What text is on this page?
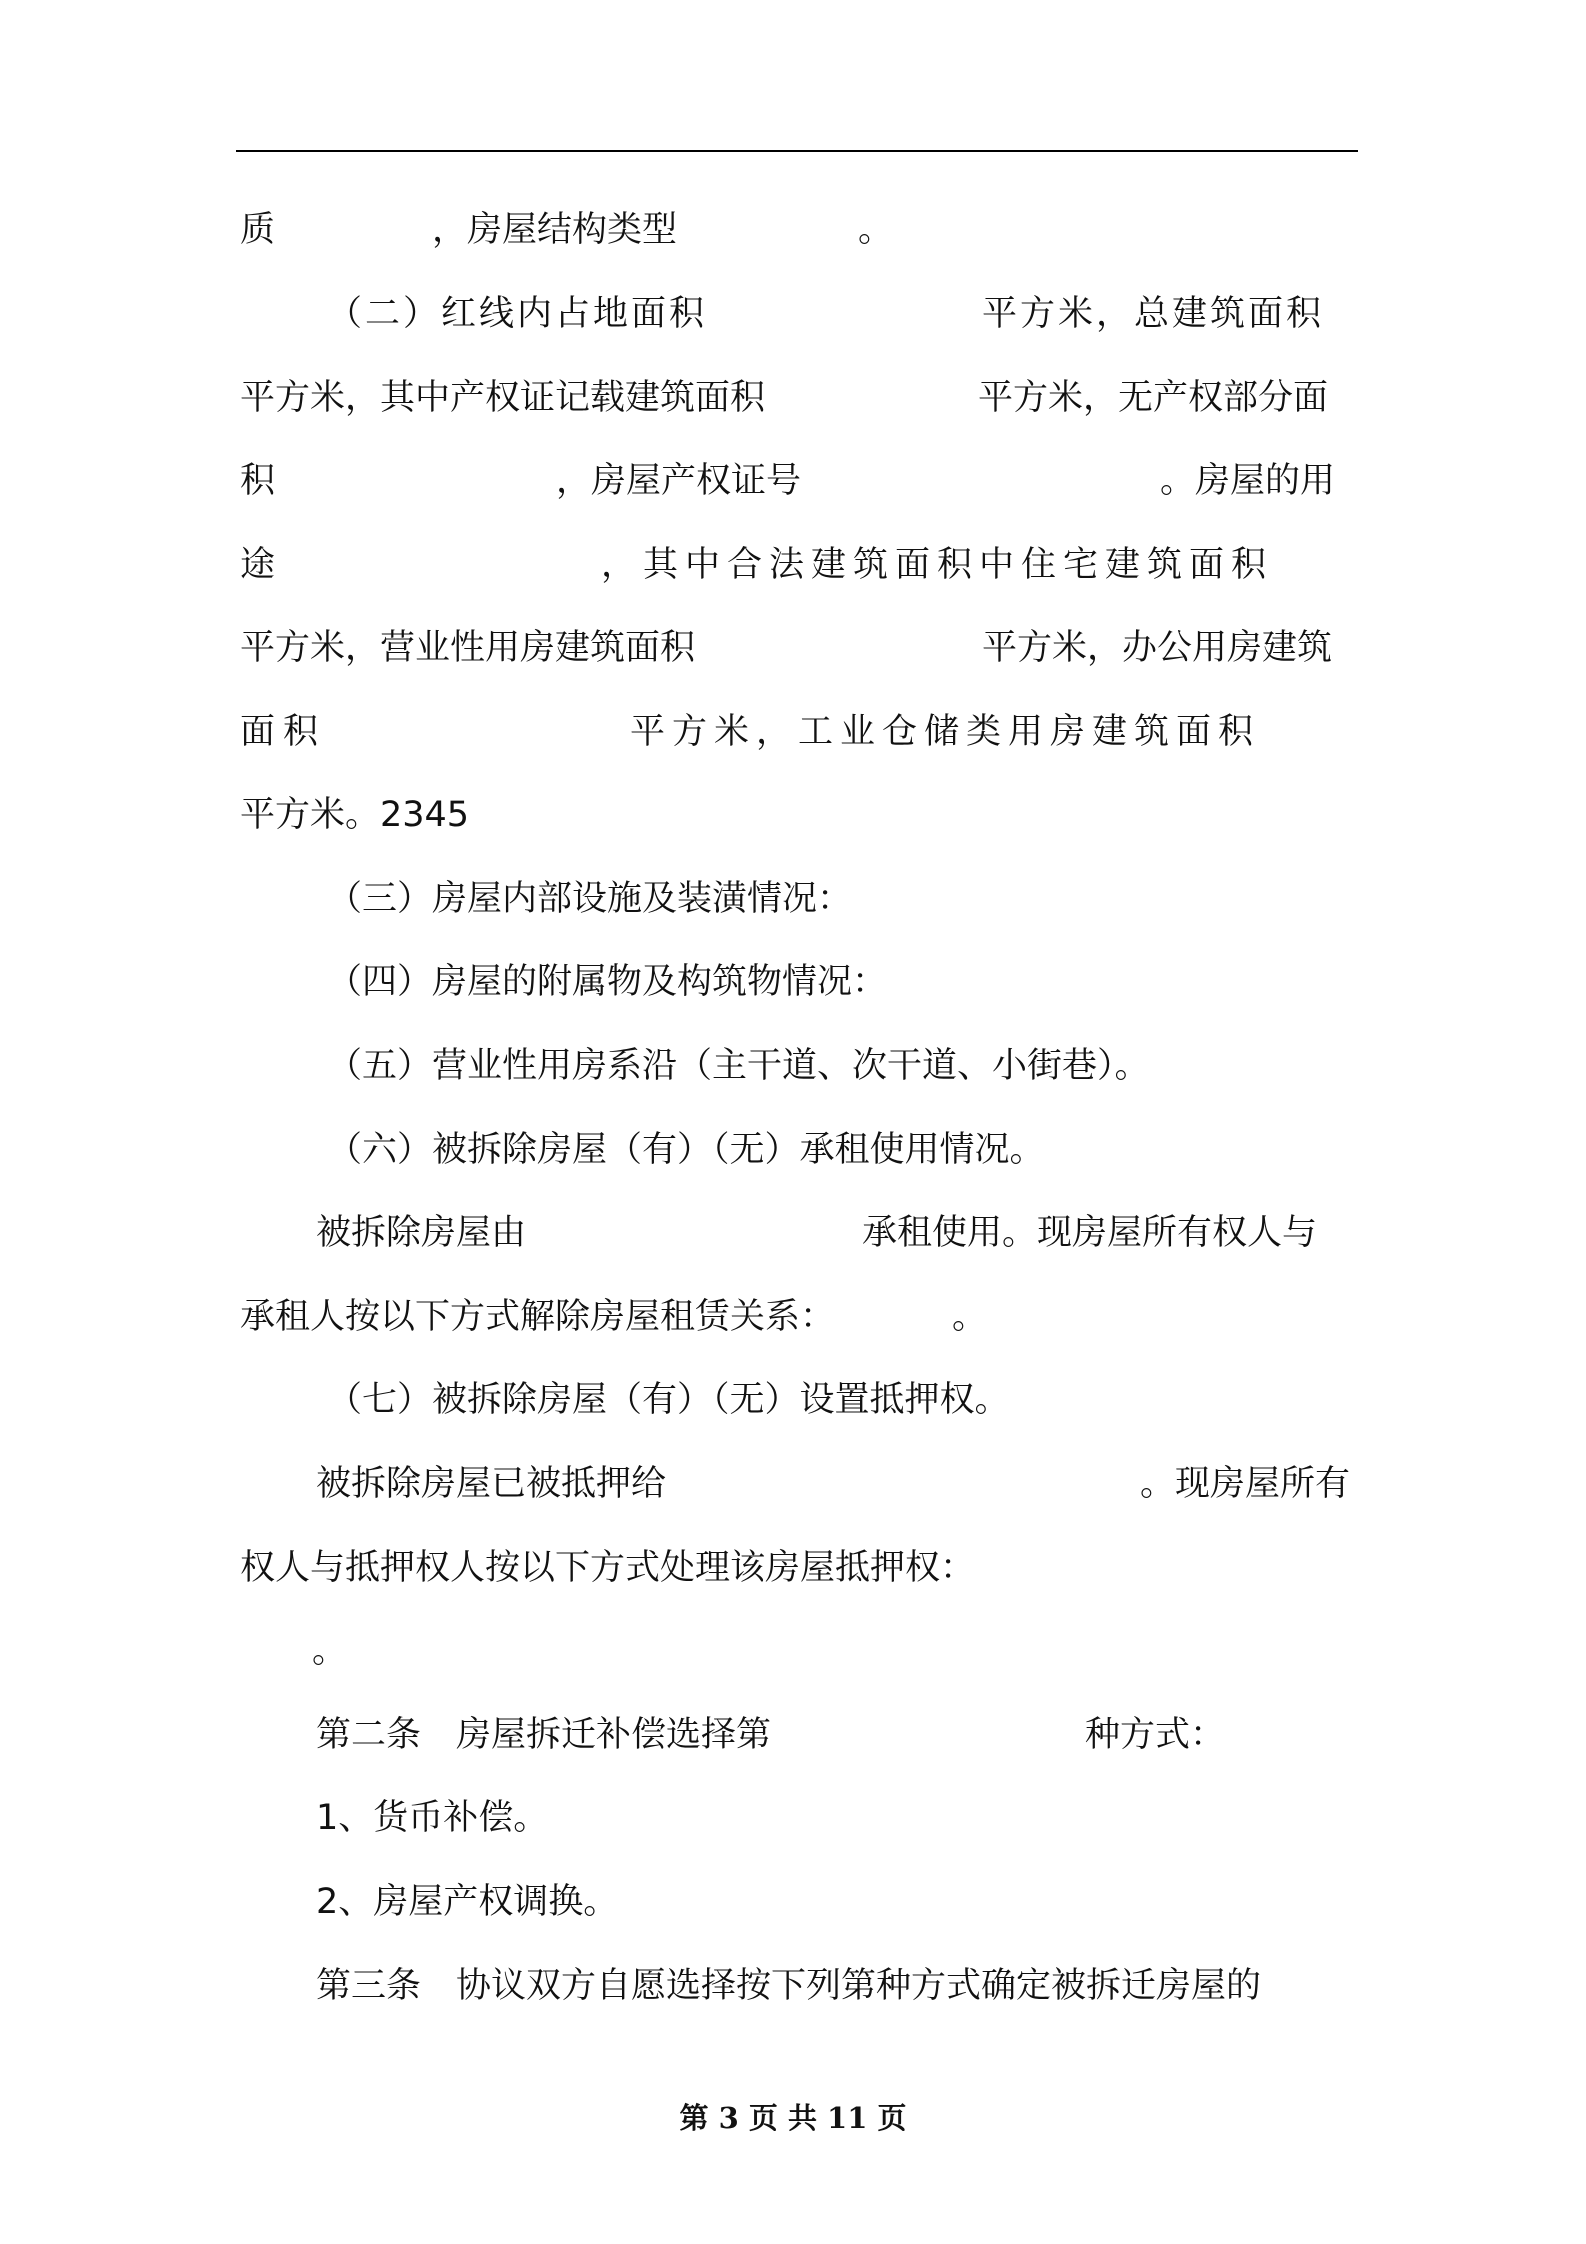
质	，房屋结构类型	。
（二）红线内占地面积	平方米，总建筑面积
平方米，其中产权证记载建筑面积	平方米，无产权部分面
积	，房屋产权证号	。房屋的用
途	，其中合法建筑面积中住宅建筑面积
平方米，营业性用房建筑面积	平方米，办公用房建筑
面积	平方米，工业仓储类用房建筑面积
平方米。2345
（三）房屋内部设施及装潢情况：
（四）房屋的附属物及构筑物情况：
（五）营业性用房系沿（主干道、次干道、小街巷）。
（六）被拆除房屋（有）（无）承租使用情况。
被拆除房屋由	承租使用。现房屋所有权人与
承租人按以下方式解除房屋租赁关系：	。
（七）被拆除房屋（有）（无）设置抵押权。
被拆除房屋已被抵押给	。现房屋所有
权人与抵押权人按以下方式处理该房屋抵押权：
。
第二条　房屋拆迁补偿选择第	种方式：
1、货币补偿。
2、房屋产权调换。
第三条　协议双方自愿选择按下列第种方式确定被拆迁房屋的
第 3 页 共 11 页
